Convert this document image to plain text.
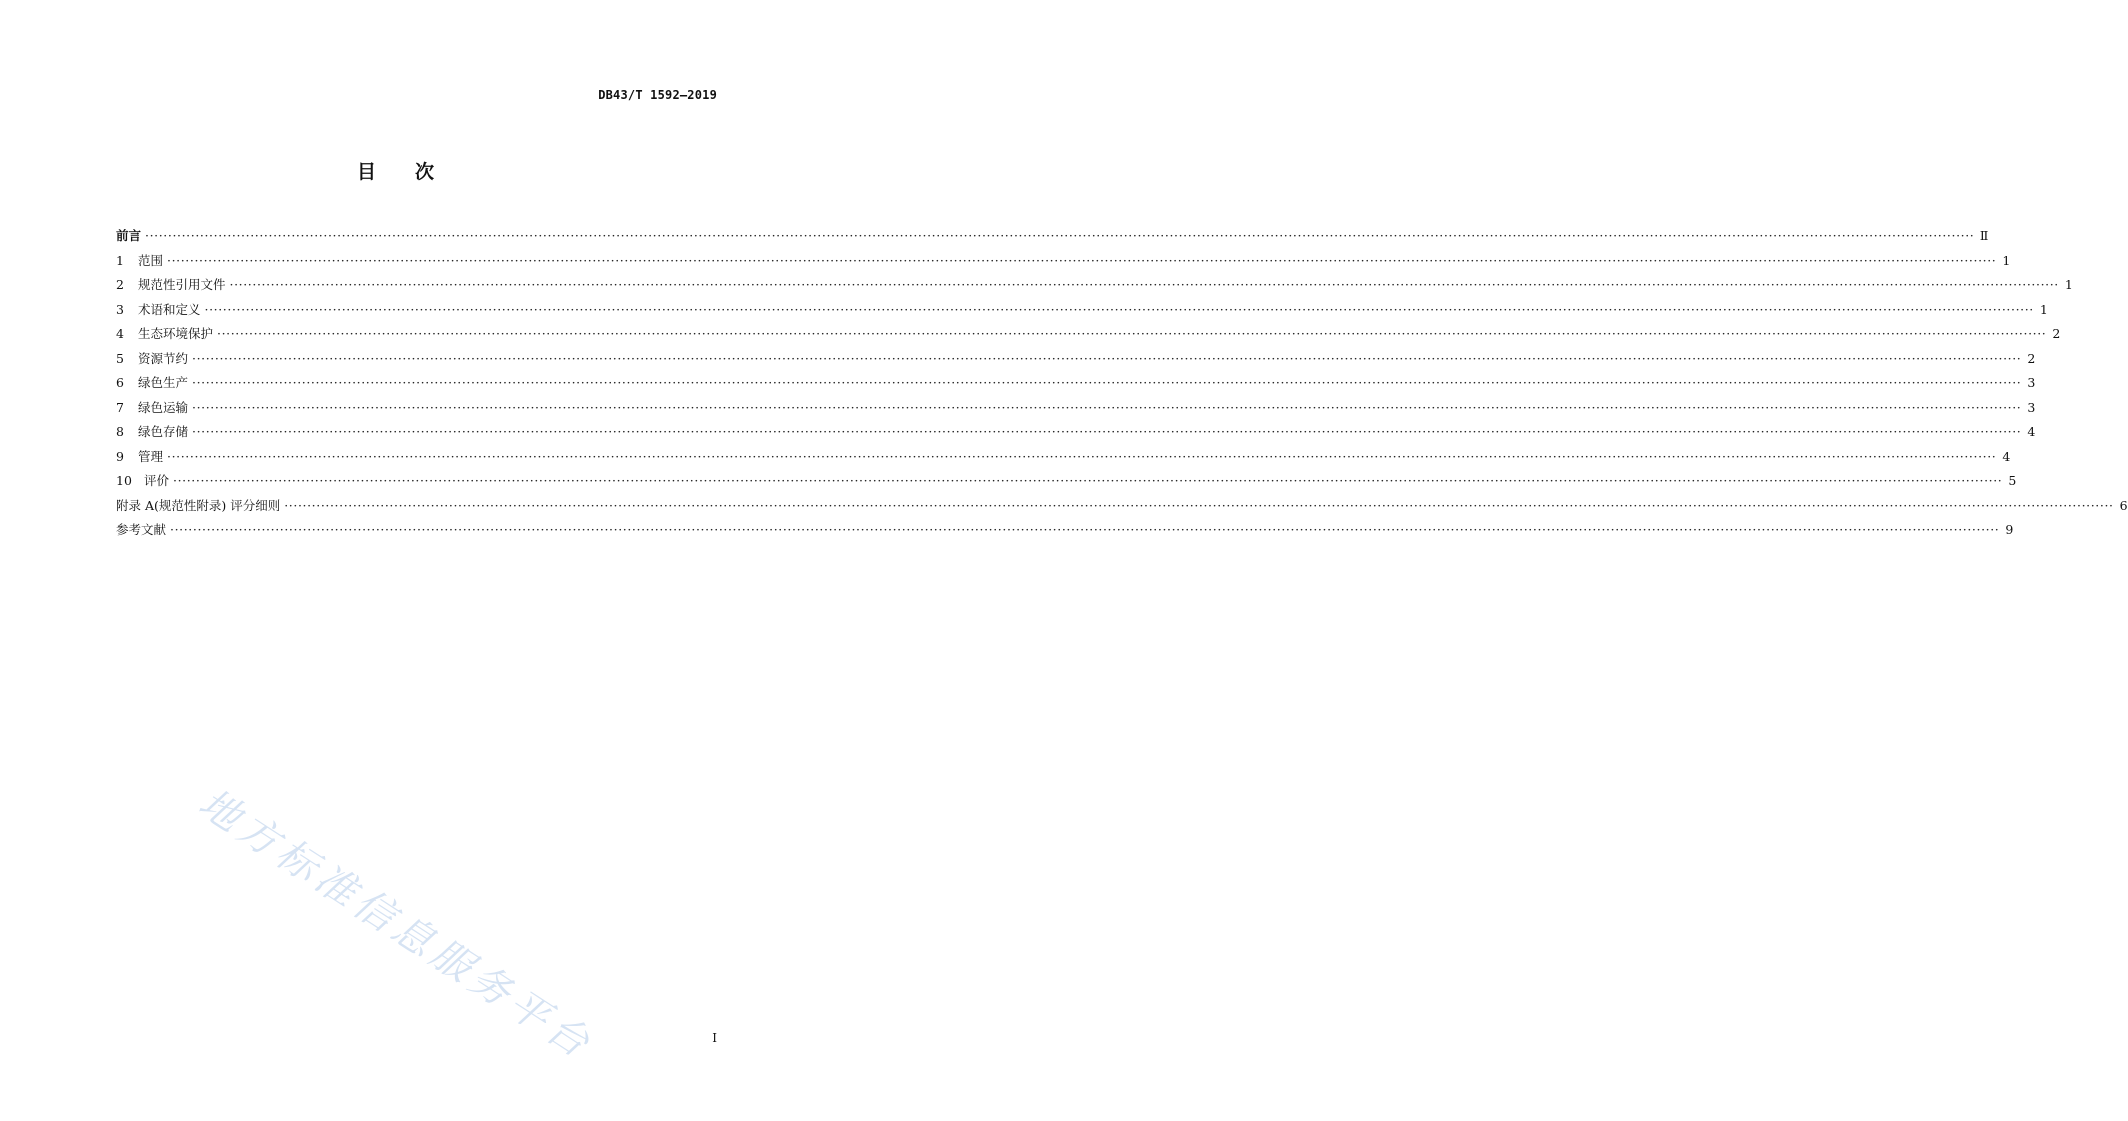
DB43/T 1592—2019
目 次
前言 ················································································································································································································································································································································································································ Ⅱ
1 范围 ················································································································································································································································································································································································································ 1
2 规范性引用文件 ················································································································································································································································································································································································································ 1
3 术语和定义 ················································································································································································································································································································································································································ 1
4 生态环境保护 ················································································································································································································································································································································································································ 2
5 资源节约 ················································································································································································································································································································································································································ 2
6 绿色生产 ················································································································································································································································································································································································································ 3
7 绿色运输 ················································································································································································································································································································································································································ 3
8 绿色存储 ················································································································································································································································································································································································································ 4
9 管理 ················································································································································································································································································································································································································ 4
10 评价 ················································································································································································································································································································································································································ 5
附录 A(规范性附录) 评分细则 ················································································································································································································································································································································································································ 6
参考文献 ················································································································································································································································································································································································································ 9
地方标准信息服务平台	I
